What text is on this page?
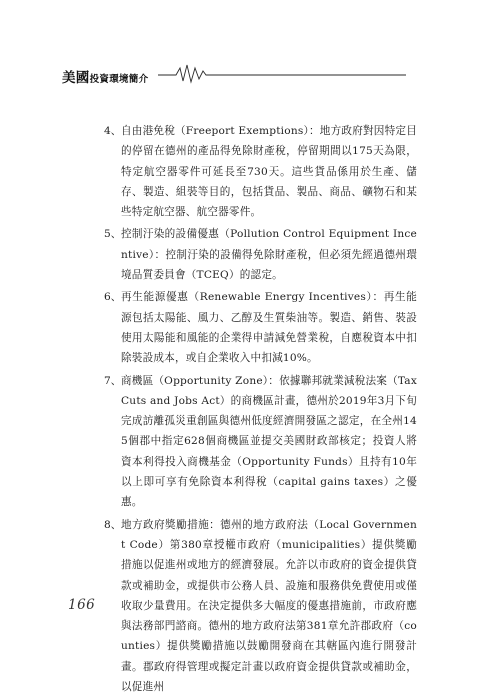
美國投資環境簡介
4、 自由港免稅（Freeport Exemptions）：地方政府對因特定目的停留在德州的產品得免除財產稅，停留期間以175天為限，特定航空器零件可延長至730天。這些貨品係用於生產、儲存、製造、組裝等目的，包括貨品、製品、商品、礦物石和某些特定航空器、航空器零件。
5、 控制汙染的設備優惠（Pollution Control Equipment Incentive）：控制汙染的設備得免除財產稅，但必須先經過德州環境品質委員會（TCEQ）的認定。
6、 再生能源優惠（Renewable Energy Incentives）：再生能源包括太陽能、風力、乙醇及生質柴油等。製造、銷售、裝設使用太陽能和風能的企業得申請減免營業稅，自應稅資本中扣除裝設成本，或自企業收入中扣減10%。
7、 商機區（Opportunity Zone）：依據聯邦就業減稅法案（Tax Cuts and Jobs Act）的商機區計畫，德州於2019年3月下旬完成訪離孤災重創區與德州低度經濟開發區之認定，在全州145個郡中指定628個商機區並提交美國財政部核定；投資人將資本利得投入商機基金（Opportunity Funds）且持有10年以上即可享有免除資本利得稅（capital gains taxes）之優惠。
8、 地方政府獎勵措施：德州的地方政府法（Local Government Code）第380章授權市政府（municipalities）提供獎勵措施以促進州或地方的經濟發展。允許以市政府的資金提供貸款或補助金，或提供市公務人員、設施和服務供免費使用或僅收取少量費用。在決定提供多大幅度的優惠措施前，市政府應與法務部門諮商。德州的地方政府法第381章允許郡政府（counties）提供獎勵措施以鼓勵開發商在其轄區內進行開發計畫。郡政府得管理或擬定計畫以政府資金提供貸款或補助金，以促進州
166
